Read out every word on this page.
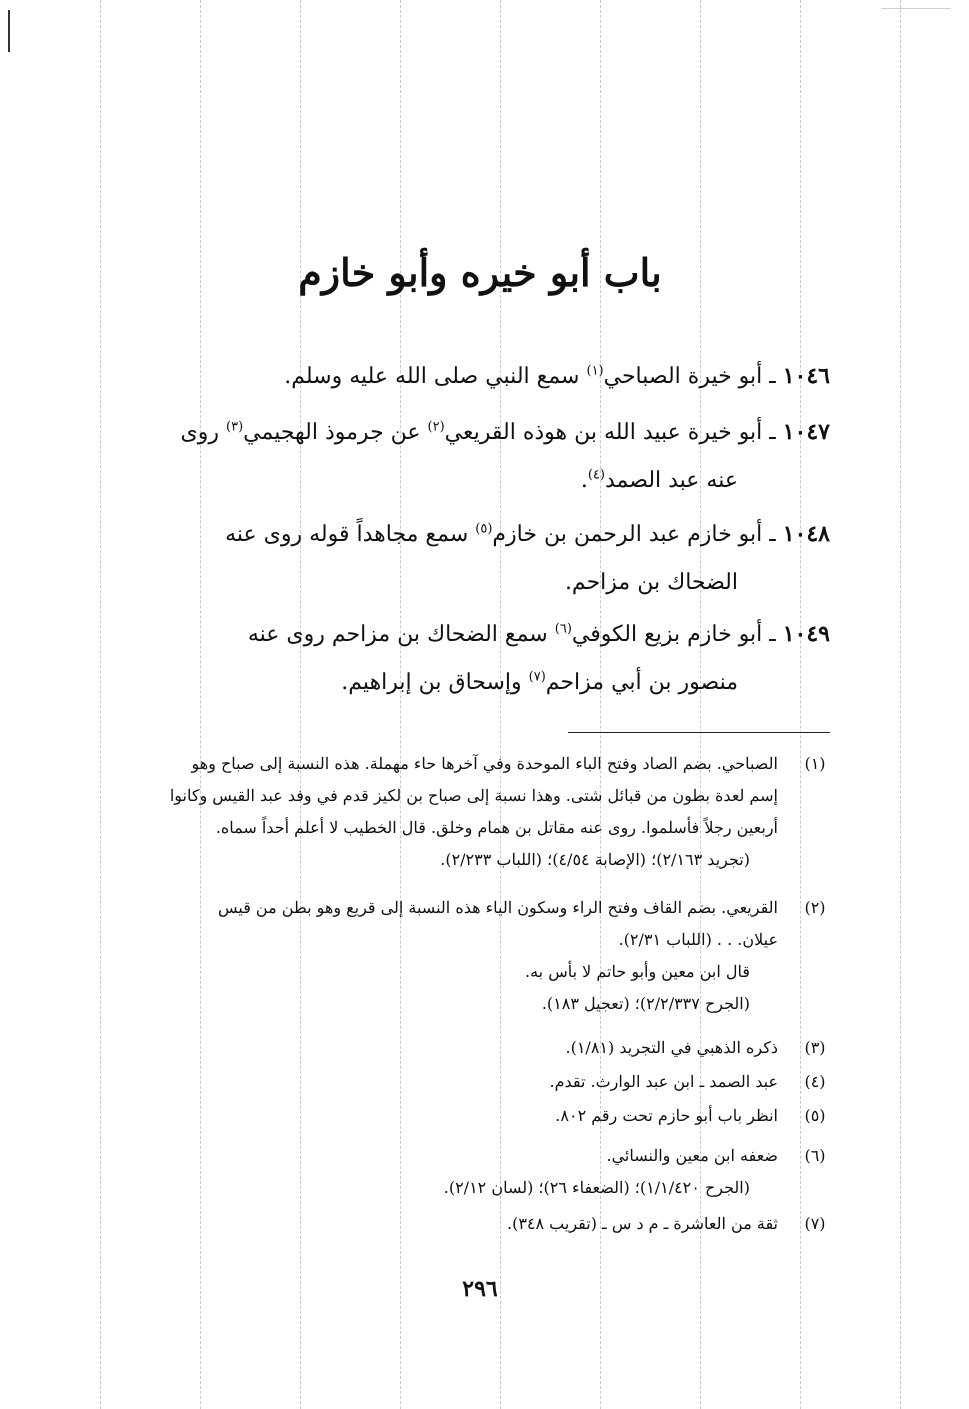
باب أبو خيره وأبو خازم
١٠٤٦ ـ أبو خيرة الصباحي$^{(١)}$ سمع النبي صلى الله عليه وسلم.
١٠٤٧ ـ أبو خيرة عبيد الله بن هوذه القريعي$^{(٢)}$ عن جرموذ الهجيمي$^{(٣)}$ روى
عنه عبد الصمد$^{(٤)}$.
١٠٤٨ ـ أبو خازم عبد الرحمن بن خازم$^{(٥)}$ سمع مجاهداً قوله روى عنه
الضحاك بن مزاحم.
١٠٤٩ ـ أبو خازم بزيع الكوفي$^{(٦)}$ سمع الضحاك بن مزاحم روى عنه
منصور بن أبي مزاحم$^{(٧)}$ وإسحاق بن إبراهيم.
(١)
الصباحي. بضم الصاد وفتح الباء الموحدة وفي آخرها حاء مهملة. هذه النسبة إلى صباح وهو
إسم لعدة بطون من قبائل شتى. وهذا نسبة إلى صباح بن لكيز قدم في وفد عبد القيس وكانوا
أربعين رجلاً فأسلموا. روى عنه مقاتل بن همام وخلق. قال الخطيب لا أعلم أحداً سماه.
(تجريد ٢/١٦٣)؛ (الإصابة ٤/٥٤)؛ (اللباب ٢/٢٣٣).
(٢)
القريعي. بضم القاف وفتح الراء وسكون الياء هذه النسبة إلى قريع وهو بطن من قيس
عيلان. . . (اللباب ٢/٣١).
قال ابن معين وأبو حاتم لا بأس به.
(الجرح ٢/٢/٣٣٧)؛ (تعجيل ١٨٣).
(٣)
ذكره الذهبي في التجريد (١/٨١).
(٤)
عبد الصمد ـ ابن عبد الوارث. تقدم.
(٥)
انظر باب أبو حازم تحت رقم ٨٠٢.
(٦)
ضعفه ابن معين والنسائي.
(الجرح ١/١/٤٢٠)؛ (الضعفاء ٢٦)؛ (لسان ٢/١٢).
(٧)
ثقة من العاشرة ـ م د س ـ (تقريب ٣٤٨).
٢٩٦
